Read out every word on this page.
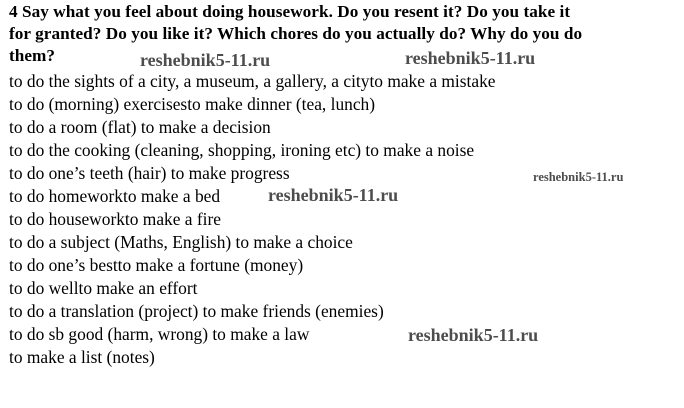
4 Say what you feel about doing housework. Do you resent it? Do you take it
for granted? Do you like it? Which chores do you actually do? Why do you do
them?
to do the sights of a city, a museum, a gallery, a cityto make a mistake
to do (morning) exercisesto make dinner (tea, lunch)
to do a room (flat) to make a decision
to do the cooking (cleaning, shopping, ironing etc) to make a noise
to do one’s teeth (hair) to make progress
to do homeworkto make a bed
to do houseworkto make a fire
to do a subject (Maths, English) to make a choice
to do one’s bestto make a fortune (money)
to do wellto make an effort
to do a translation (project) to make friends (enemies)
to do sb good (harm, wrong) to make a law
to make a list (notes)
reshebnik5-11.ru	reshebnik5-11.ru
reshebnik5-11.ru
reshebnik5-11.ru
reshebnik5-11.ru
